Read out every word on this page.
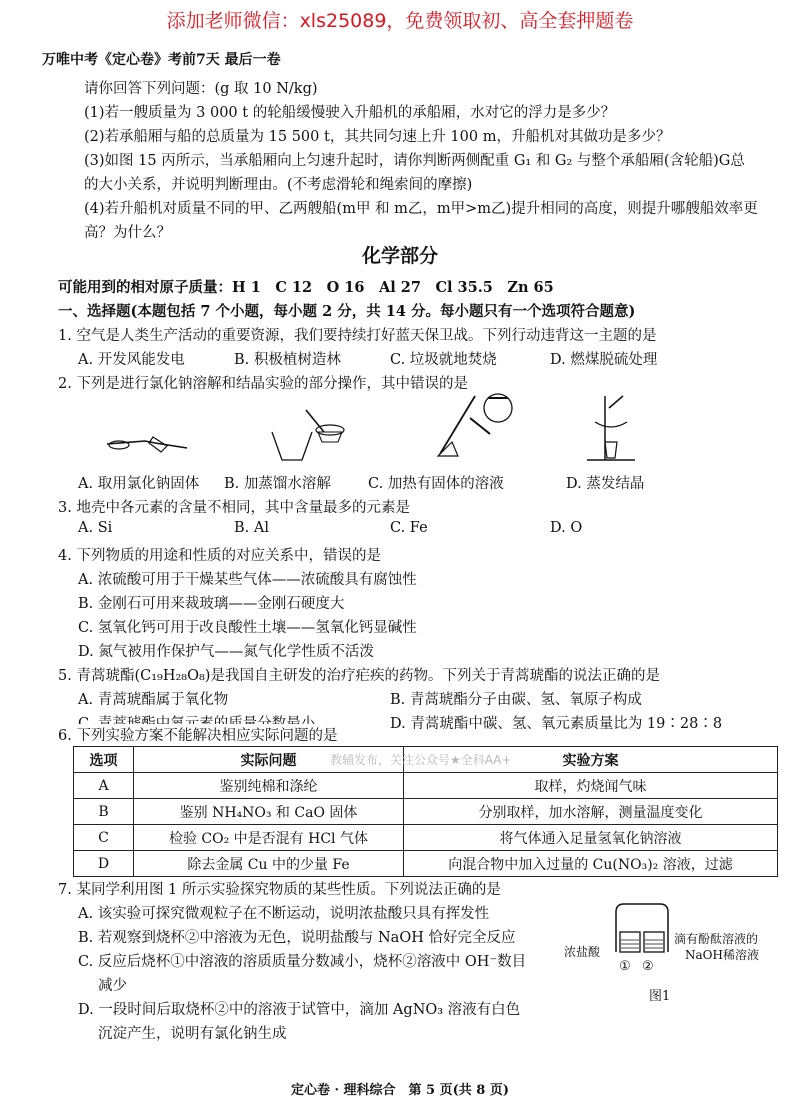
添加老师微信：xls25089，免费领取初、高全套押题卷
万唯中考《定心卷》考前7天 最后一卷
请你回答下列问题：(g 取 10 N/kg)
(1)若一艘质量为 3 000 t 的轮船缓慢驶入升船机的承船厢，水对它的浮力是多少？
(2)若承船厢与船的总质量为 15 500 t，其共同匀速上升 100 m，升船机对其做功是多少？
(3)如图 15 丙所示，当承船厢向上匀速升起时，请你判断两侧配重 G₁ 和 G₂ 与整个承船厢(含轮船)G总
的大小关系，并说明判断理由。(不考虑滑轮和绳索间的摩擦)
(4)若升船机对质量不同的甲、乙两艘船(m甲 和 m乙，m甲>m乙)提升相同的高度，则提升哪艘船效率更
高？为什么？
化学部分
可能用到的相对原子质量：H 1　C 12　O 16　Al 27　Cl 35.5　Zn 65
一、选择题(本题包括 7 个小题，每小题 2 分，共 14 分。每小题只有一个选项符合题意)
1. 空气是人类生产活动的重要资源，我们要持续打好蓝天保卫战。下列行动违背这一主题的是
A. 开发风能发电	B. 积极植树造林	C. 垃圾就地焚烧	D. 燃煤脱硫处理
2. 下列是进行氯化钠溶解和结晶实验的部分操作，其中错误的是
A. 取用氯化钠固体 B. 加蒸馏水溶解	C. 加热有固体的溶液	D. 蒸发结晶
3. 地壳中各元素的含量不相同，其中含量最多的元素是
A. Si	B. Al	C. Fe	D. O
4. 下列物质的用途和性质的对应关系中，错误的是
A. 浓硫酸可用于干燥某些气体——浓硫酸具有腐蚀性
B. 金刚石可用来裁玻璃——金刚石硬度大
C. 氢氧化钙可用于改良酸性土壤——氢氧化钙显碱性
D. 氮气被用作保护气——氮气化学性质不活泼
5. 青蒿琥酯(C₁₉H₂₈O₈)是我国自主研发的治疗疟疾的药物。下列关于青蒿琥酯的说法正确的是
A. 青蒿琥酯属于氧化物	B. 青蒿琥酯分子由碳、氢、氧原子构成
D. 青蒿琥酯中碳、氢、氧元素质量比为 19∶28∶8
6. 下列实验方案不能解决相应实际问题的是
选项	实际问题	实验方案
A	鉴别纯棉和涤纶	取样，灼烧闻气味
B	鉴别 NH₄NO₃ 和 CaO 固体	分别取样，加水溶解，测量温度变化
C	检验 CO₂ 中是否混有 HCl 气体	将气体通入足量氢氧化钠溶液
D	除去金属 Cu 中的少量 Fe	向混合物中加入过量的 Cu(NO₃)₂ 溶液，过滤
教辅发布，关注公众号★全科AA+
7. 某同学利用图 1 所示实验探究物质的某些性质。下列说法正确的是
A. 该实验可探究微观粒子在不断运动，说明浓盐酸只具有挥发性
B. 若观察到烧杯②中溶液为无色，说明盐酸与 NaOH 恰好完全反应
C. 反应后烧杯①中溶液的溶质质量分数减小，烧杯②溶液中 OH⁻数目
减少
D. 一段时间后取烧杯②中的溶液于试管中，滴加 AgNO₃ 溶液有白色
沉淀产生，说明有氯化钠生成
浓盐酸
滴有酚酞溶液的
NaOH稀溶液
① ②
图1
定心卷 · 理科综合　第 5 页(共 8 页)
